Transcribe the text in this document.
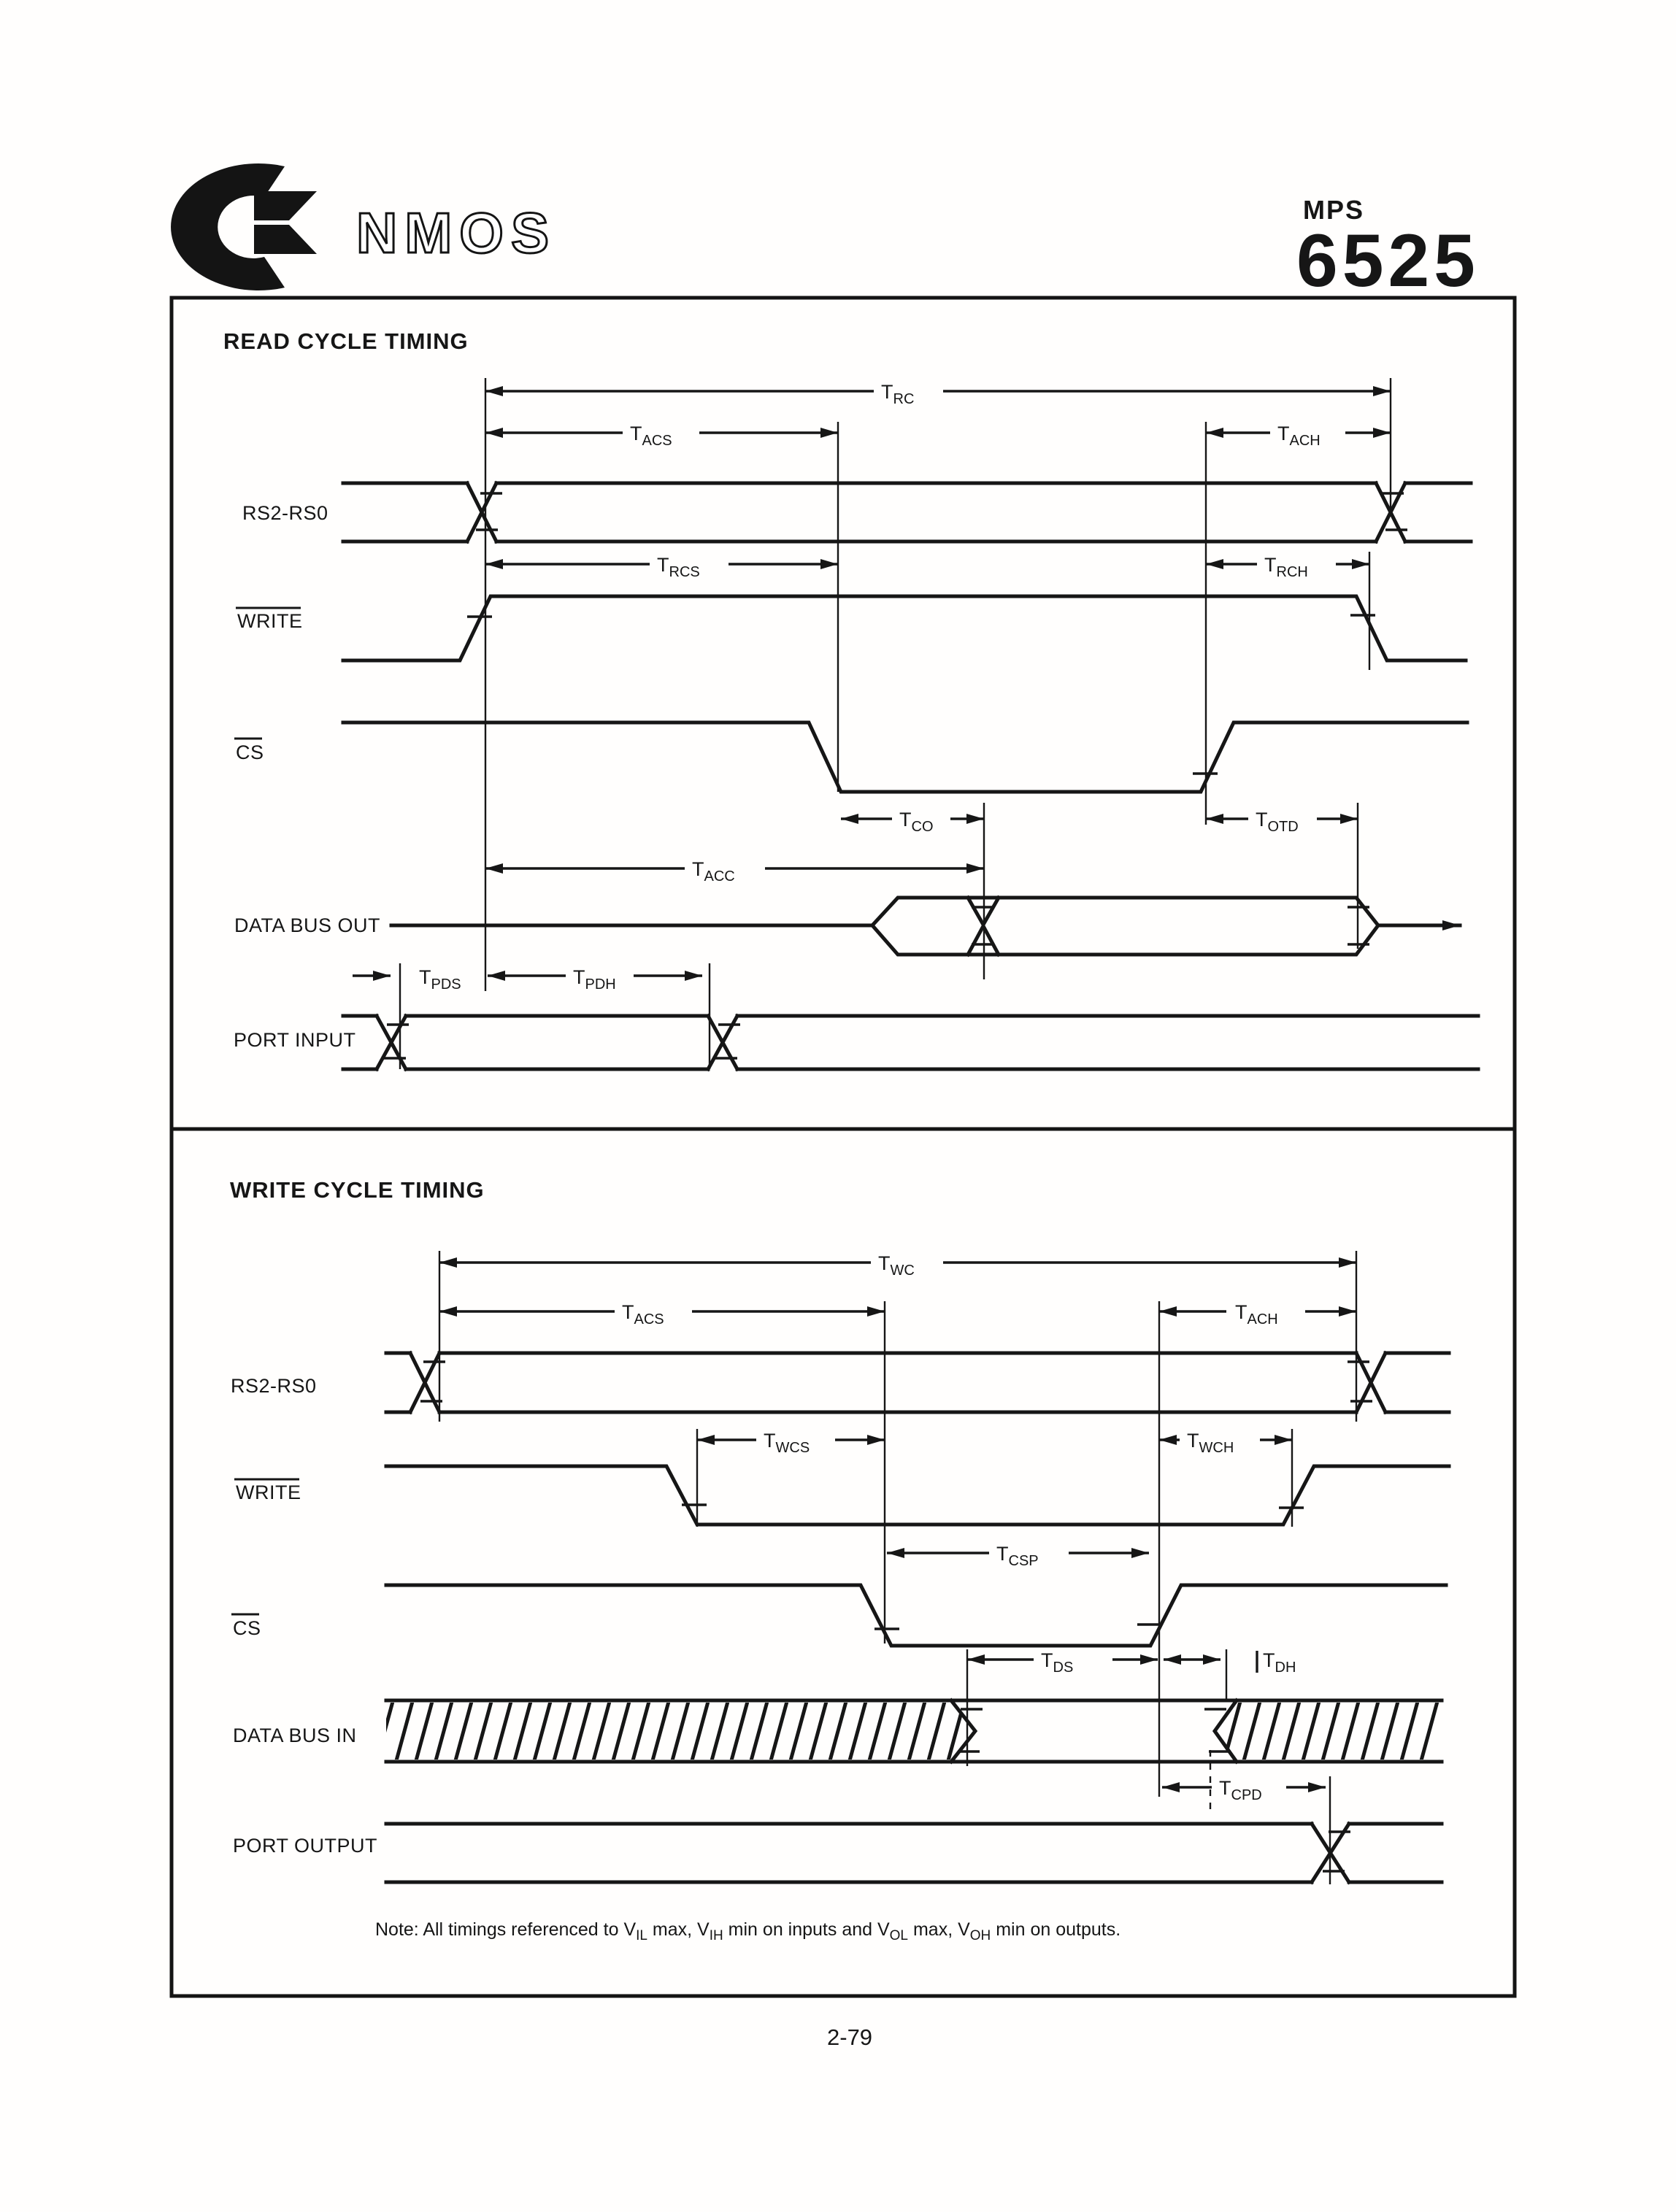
NMOS	MPS
6525
READ CYCLE TIMING
$T_{RC}$
$T_{ACS}$	$T_{ACH}$
$T_{RCS}$	$T_{RCH}$
$T_{CO}$	$T_{OTD}$
$T_{ACC}$
$T_{PDS}$	$T_{PDH}$
RS2-RS0
WRITE
CS
DATA BUS OUT
PORT INPUT
WRITE CYCLE TIMING
$T_{WC}$
$T_{ACS}$	$T_{ACH}$
$T_{WCS}$	$T_{WCH}$
$T_{CSP}$
$T_{DS}$	$T_{DH}$
$T_{CPD}$
RS2-RS0
WRITE
CS
DATA BUS IN
PORT OUTPUT
Note: All timings referenced to $V_{IL}$ max, $V_{IH}$ min on inputs and $V_{OL}$ max, $V_{OH}$ min on outputs.
2-79
